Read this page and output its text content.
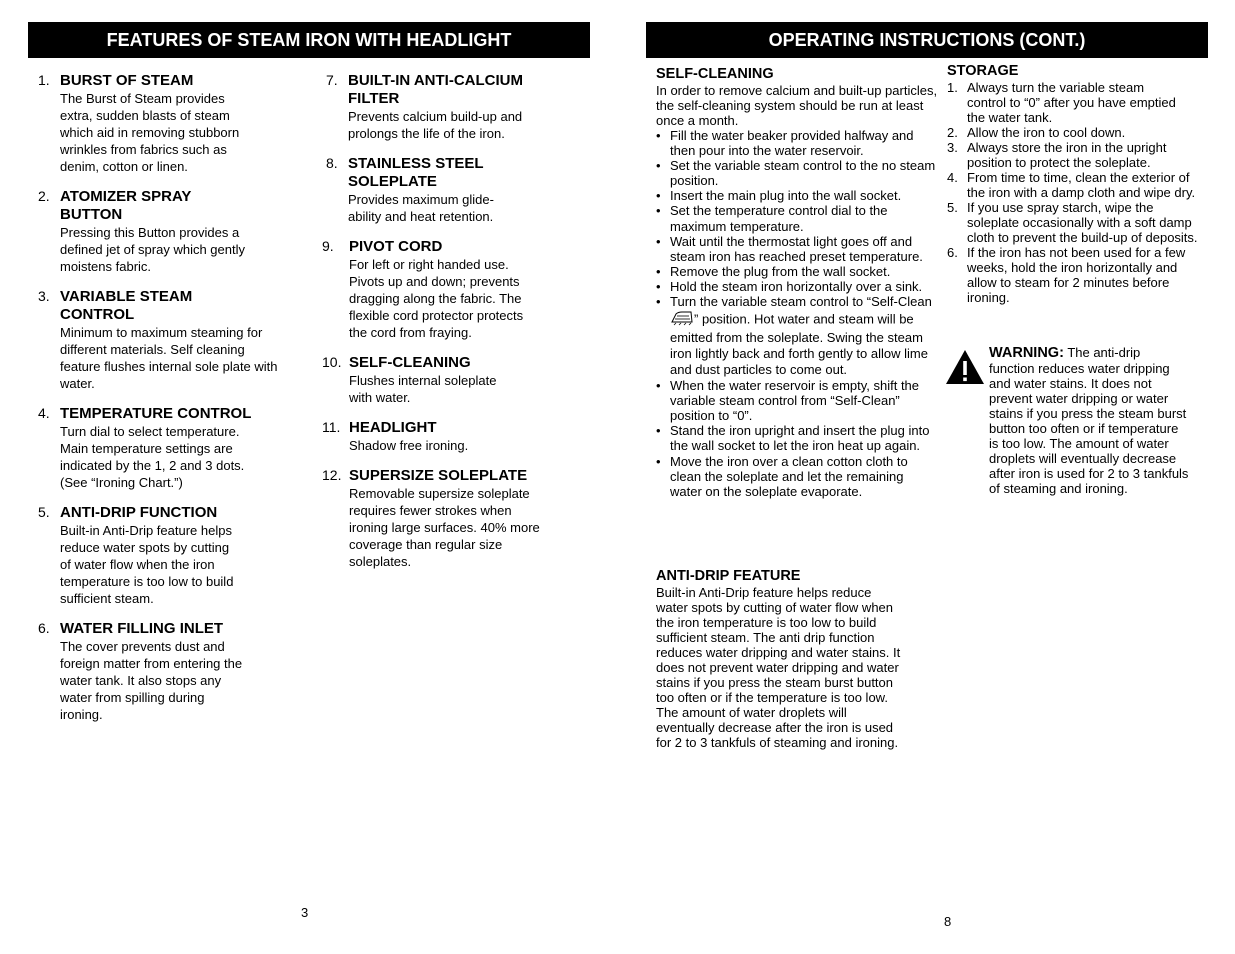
FEATURES OF STEAM IRON WITH HEADLIGHT
1. BURST OF STEAM
The Burst of Steam provides extra, sudden blasts of steam which aid in removing stubborn wrinkles from fabrics such as denim, cotton or linen.
2. ATOMIZER SPRAY BUTTON
Pressing this Button provides a defined jet of spray which gently moistens fabric.
3. VARIABLE STEAM CONTROL
Minimum to maximum steaming for different materials. Self cleaning feature flushes internal sole plate with water.
4. TEMPERATURE CONTROL
Turn dial to select temperature. Main temperature settings are indicated by the 1, 2 and 3 dots. (See “Ironing Chart.”)
5. ANTI-DRIP FUNCTION
Built-in Anti-Drip feature helps reduce water spots by cutting of water flow when the iron temperature is too low to build sufficient steam.
6. WATER FILLING INLET
The cover prevents dust and foreign matter from entering the water tank. It also stops any water from spilling during ironing.
7. BUILT-IN ANTI-CALCIUM FILTER
Prevents calcium build-up and prolongs the life of the iron.
8. STAINLESS STEEL SOLEPLATE
Provides maximum glide-ability and heat retention.
9. PIVOT CORD
For left or right handed use. Pivots up and down; prevents dragging along the fabric. The flexible cord protector protects the cord from fraying.
10. SELF-CLEANING
Flushes internal soleplate with water.
11. HEADLIGHT
Shadow free ironing.
12. SUPERSIZE SOLEPLATE
Removable supersize soleplate requires fewer strokes when ironing large surfaces. 40% more coverage than regular size soleplates.
3
OPERATING INSTRUCTIONS (CONT.)
SELF-CLEANING
In order to remove calcium and built-up particles, the self-cleaning system should be run at least once a month.
• Fill the water beaker provided halfway and then pour into the water reservoir.
• Set the variable steam control to the no steam position.
• Insert the main plug into the wall socket.
• Set the temperature control dial to the maximum temperature.
• Wait until the thermostat light goes off and steam iron has reached preset temperature.
• Remove the plug from the wall socket.
• Hold the steam iron horizontally over a sink.
• Turn the variable steam control to “Self-Clean ” position. Hot water and steam will be emitted from the soleplate. Swing the steam iron lightly back and forth gently to allow lime and dust particles to come out.
• When the water reservoir is empty, shift the variable steam control from “Self-Clean” position to “0”.
• Stand the iron upright and insert the plug into the wall socket to let the iron heat up again.
• Move the iron over a clean cotton cloth to clean the soleplate and let the remaining water on the soleplate evaporate.
ANTI-DRIP FEATURE
Built-in Anti-Drip feature helps reduce water spots by cutting of water flow when the iron temperature is too low to build sufficient steam. The anti drip function reduces water dripping and water stains. It does not prevent water dripping and water stains if you press the steam burst button too often or if the temperature is too low. The amount of water droplets will eventually decrease after the iron is used for 2 to 3 tankfuls of steaming and ironing.
STORAGE
1. Always turn the variable steam control to “0” after you have emptied the water tank.
2. Allow the iron to cool down.
3. Always store the iron in the upright position to protect the soleplate.
4. From time to time, clean the exterior of the iron with a damp cloth and wipe dry.
5. If you use spray starch, wipe the soleplate occasionally with a soft damp cloth to prevent the build-up of deposits.
6. If the iron has not been used for a few weeks, hold the iron horizontally and allow to steam for 2 minutes before ironing.
WARNING: The anti-drip function reduces water dripping and water stains. It does not prevent water dripping or water stains if you press the steam burst button too often or if temperature is too low. The amount of water droplets will eventually decrease after iron is used for 2 to 3 tankfuls of steaming and ironing.
8
